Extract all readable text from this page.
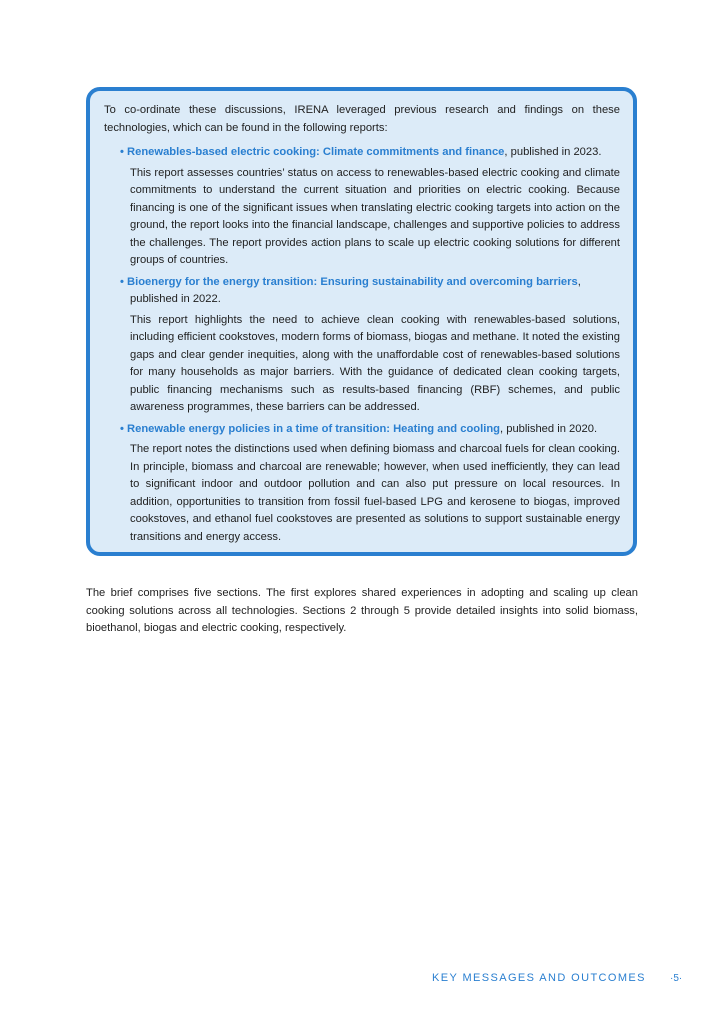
To co-ordinate these discussions, IRENA leveraged previous research and findings on these technologies, which can be found in the following reports:

• Renewables-based electric cooking: Climate commitments and finance, published in 2023.
This report assesses countries’ status on access to renewables-based electric cooking and climate commitments to understand the current situation and priorities on electric cooking. Because financing is one of the significant issues when translating electric cooking targets into action on the ground, the report looks into the financial landscape, challenges and supportive policies to address the challenges. The report provides action plans to scale up electric cooking solutions for different groups of countries.
• Bioenergy for the energy transition: Ensuring sustainability and overcoming barriers, published in 2022.
This report highlights the need to achieve clean cooking with renewables-based solutions, including efficient cookstoves, modern forms of biomass, biogas and methane. It noted the existing gaps and clear gender inequities, along with the unaffordable cost of renewables-based solutions for many households as major barriers. With the guidance of dedicated clean cooking targets, public financing mechanisms such as results-based financing (RBF) schemes, and public awareness programmes, these barriers can be addressed.
• Renewable energy policies in a time of transition: Heating and cooling, published in 2020.
The report notes the distinctions used when defining biomass and charcoal fuels for clean cooking. In principle, biomass and charcoal are renewable; however, when used inefficiently, they can lead to significant indoor and outdoor pollution and can also put pressure on local resources. In addition, opportunities to transition from fossil fuel-based LPG and kerosene to biogas, improved cookstoves, and ethanol fuel cookstoves are presented as solutions to support sustainable energy transitions and energy access.

The brief comprises five sections. The first explores shared experiences in adopting and scaling up clean cooking solutions across all technologies. Sections 2 through 5 provide detailed insights into solid biomass, bioethanol, biogas and electric cooking, respectively.

KEY MESSAGES AND OUTCOMES ·5·
